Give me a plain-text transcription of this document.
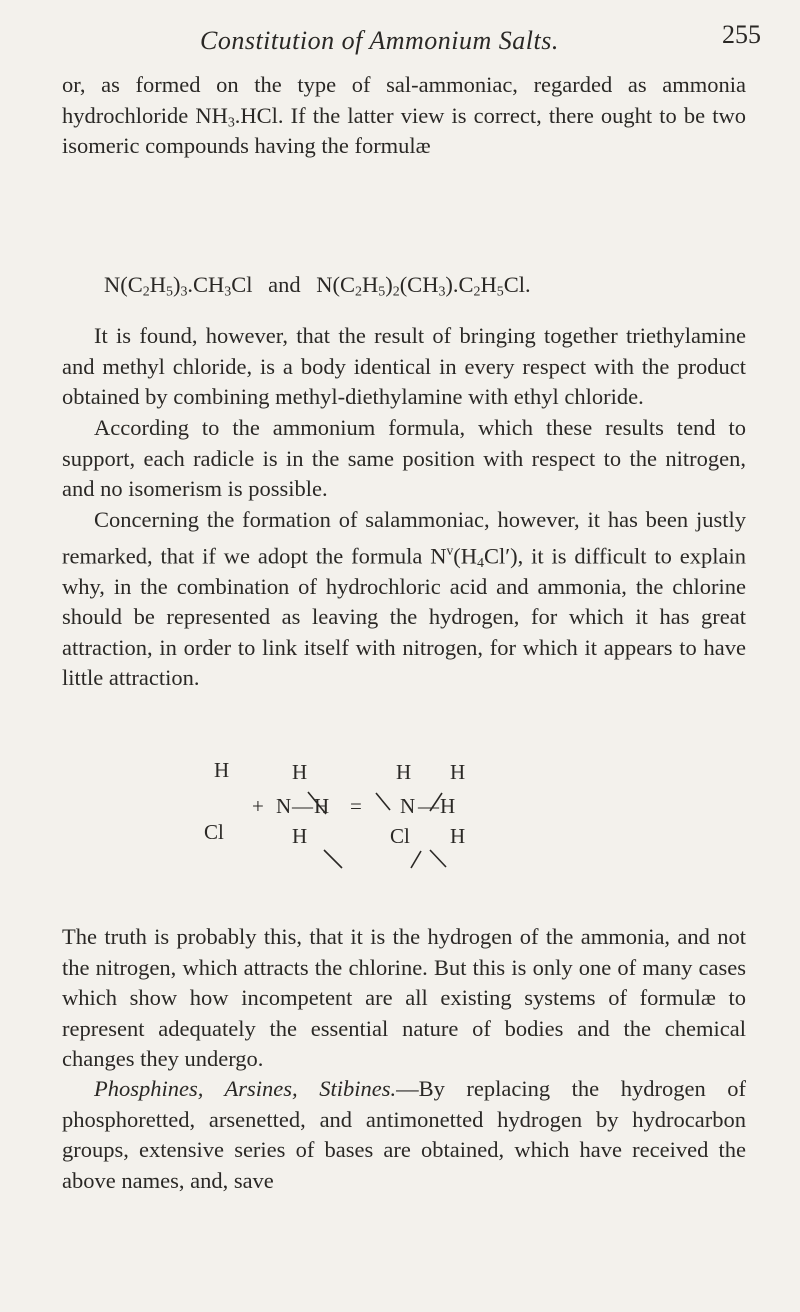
Constitution of Ammonium Salts.	255

or, as formed on the type of sal-ammoniac, regarded as ammonia hydrochloride $NH_3.HCl$. If the latter view is correct, there ought to be two isomeric compounds having the formulæ

$N(C_2H_5)_3.CH_3Cl$ and $N(C_2H_5)_2(CH_3).C_2H_5Cl$.

It is found, however, that the result of bringing together triethylamine and methyl chloride, is a body identical in every respect with the product obtained by combining methyl-diethylamine with ethyl chloride.

According to the ammonium formula, which these results tend to support, each radicle is in the same position with respect to the nitrogen, and no isomerism is possible.

Concerning the formation of salammoniac, however, it has been justly remarked, that if we adopt the formula $N^v(H_4Cl')$, it is difficult to explain why, in the combination of hydrochloric acid and ammonia, the chlorine should be represented as leaving the hydrogen, for which it has great attraction, in order to link itself with nitrogen, for which it appears to have little attraction.

H
Cl
+
H
N — H
H
=
H H
N — H
Cl H

The truth is probably this, that it is the hydrogen of the ammonia, and not the nitrogen, which attracts the chlorine. But this is only one of many cases which show how incompetent are all existing systems of formulæ to represent adequately the essential nature of bodies and the chemical changes they undergo.

Phosphines, Arsines, Stibines.—By replacing the hydrogen of phosphoretted, arsenetted, and antimonetted hydrogen by hydrocarbon groups, extensive series of bases are obtained, which have received the above names, and, save
